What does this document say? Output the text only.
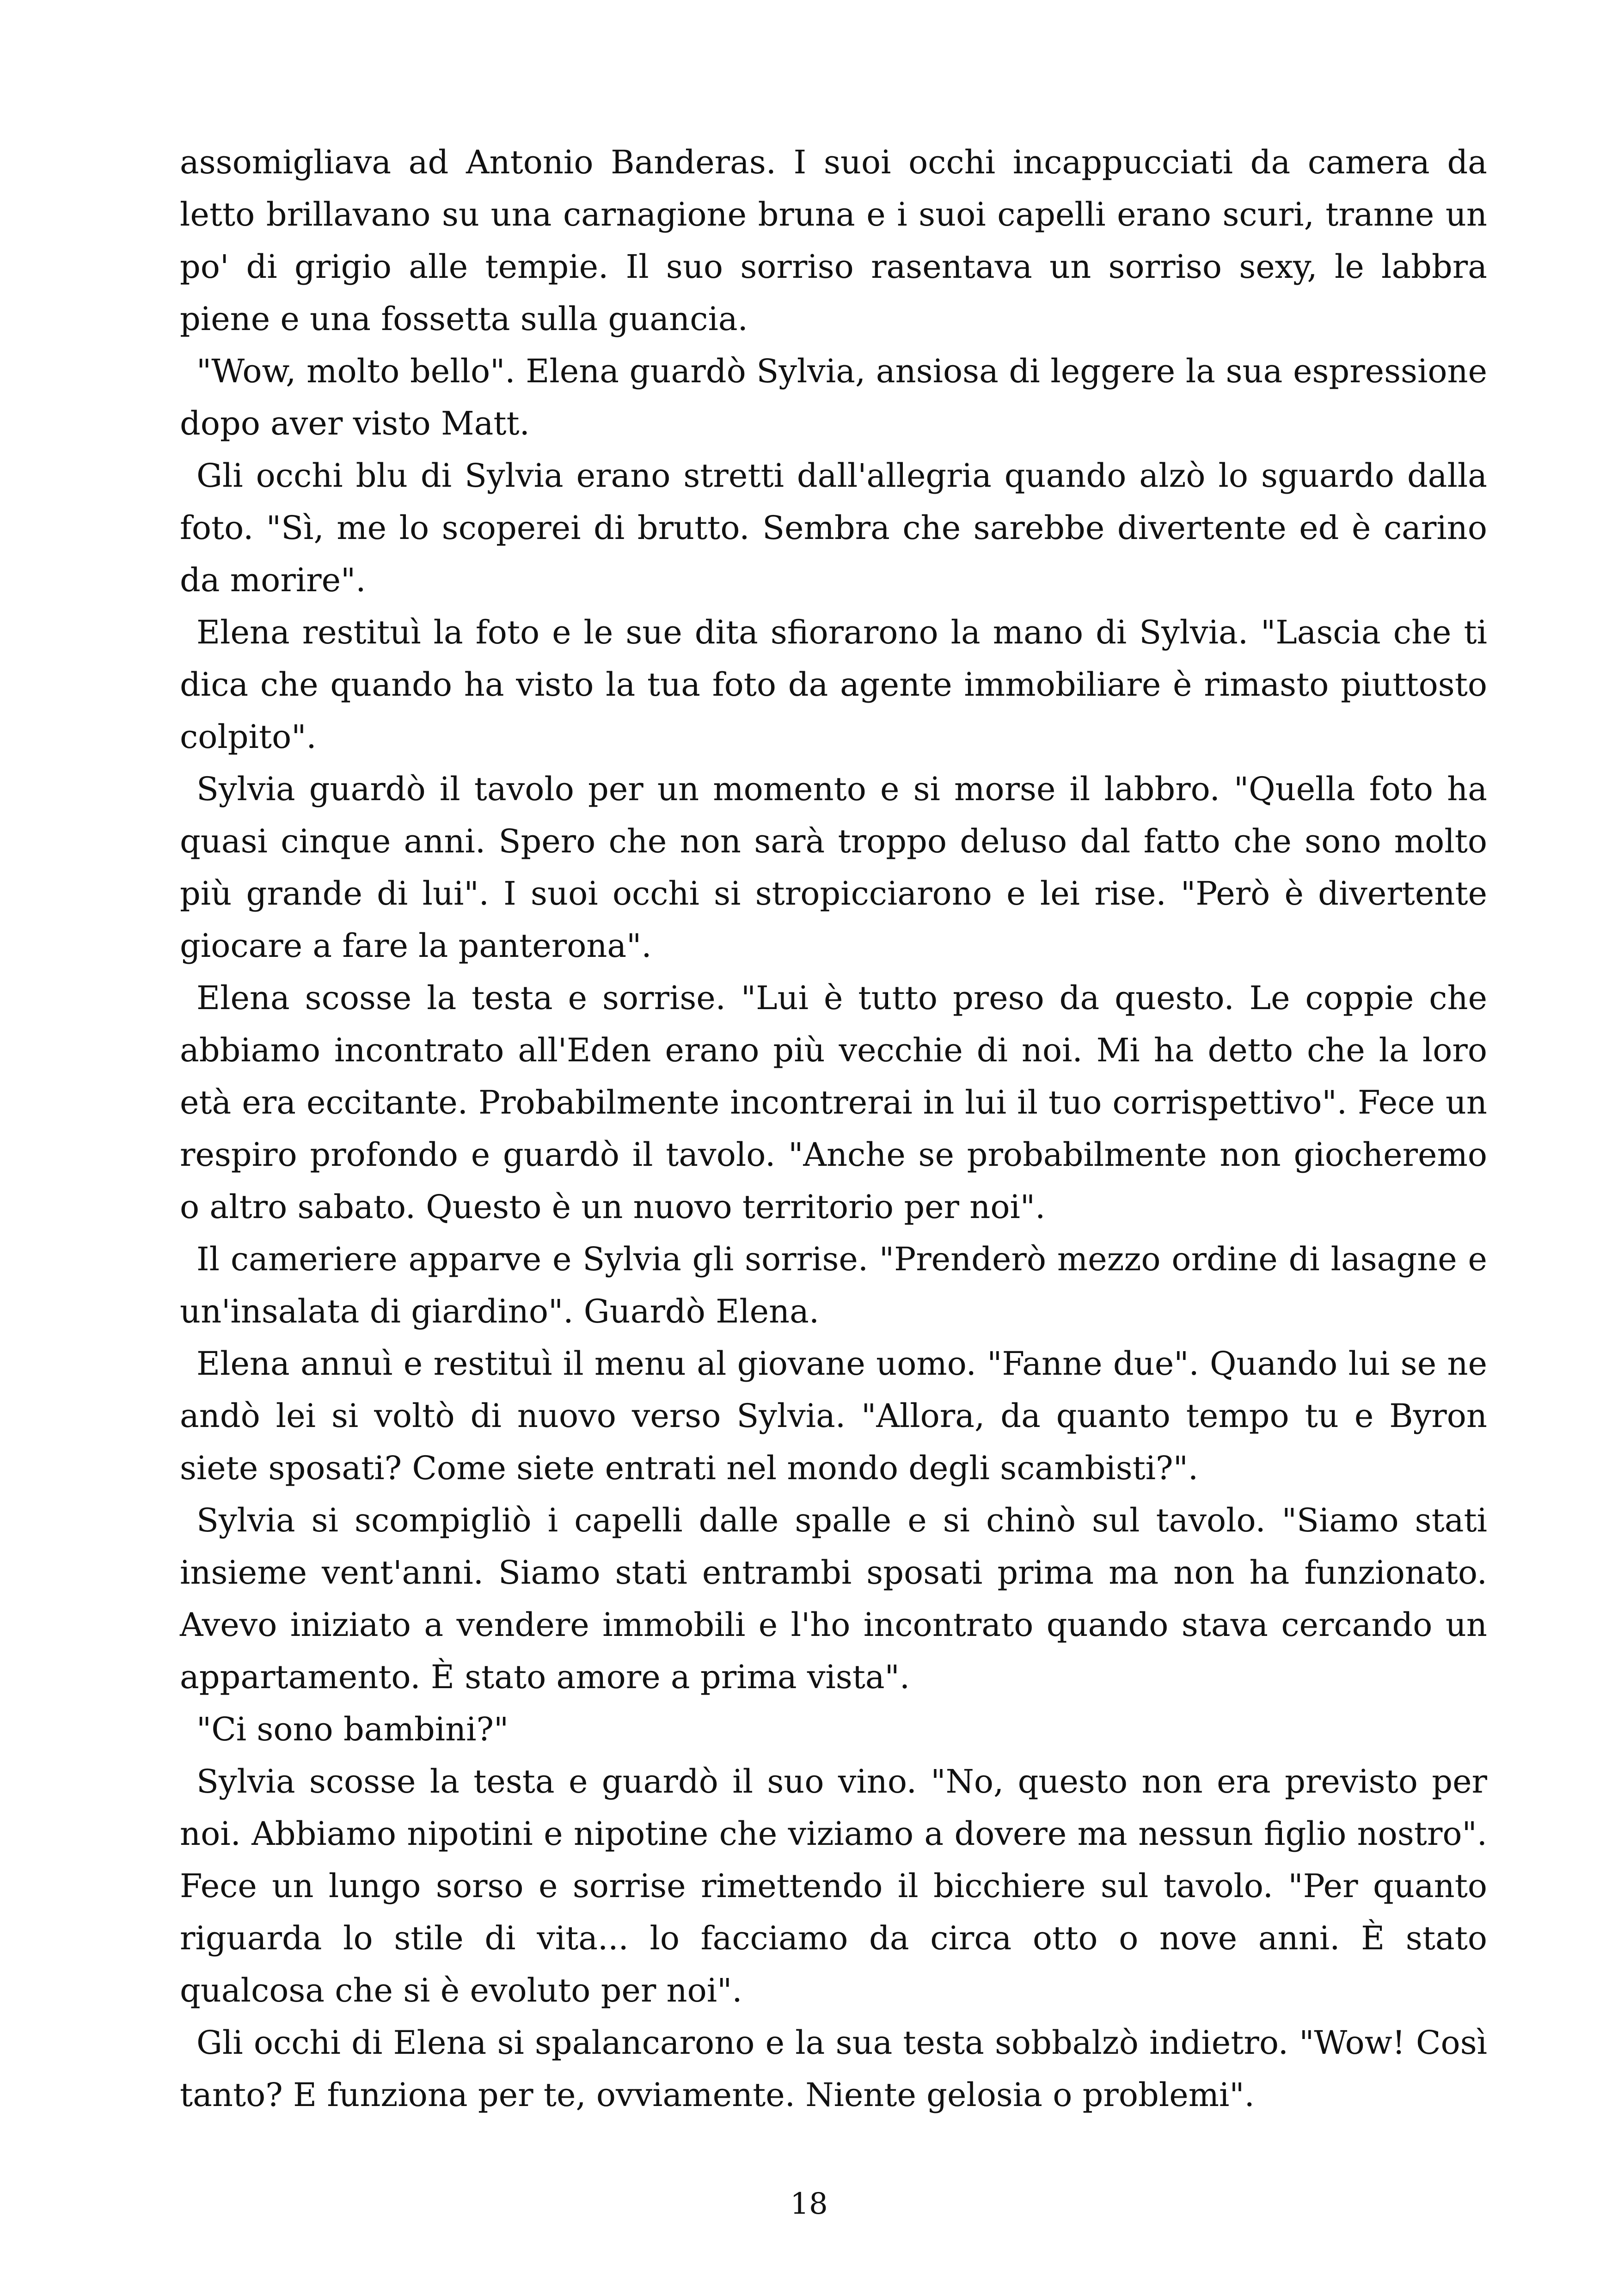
assomigliava ad Antonio Banderas. I suoi occhi incappucciati da camera da letto brillavano su una carnagione bruna e i suoi capelli erano scuri, tranne un po' di grigio alle tempie. Il suo sorriso rasentava un sorriso sexy, le labbra piene e una fossetta sulla guancia.

"Wow, molto bello". Elena guardò Sylvia, ansiosa di leggere la sua espressione dopo aver visto Matt.

Gli occhi blu di Sylvia erano stretti dall'allegria quando alzò lo sguardo dalla foto. "Sì, me lo scoperei di brutto. Sembra che sarebbe divertente ed è carino da morire".

Elena restituì la foto e le sue dita sfiorarono la mano di Sylvia. "Lascia che ti dica che quando ha visto la tua foto da agente immobiliare è rimasto piuttosto colpito".

Sylvia guardò il tavolo per un momento e si morse il labbro. "Quella foto ha quasi cinque anni. Spero che non sarà troppo deluso dal fatto che sono molto più grande di lui". I suoi occhi si stropicciarono e lei rise. "Però è divertente giocare a fare la panterona".

Elena scosse la testa e sorrise. "Lui è tutto preso da questo. Le coppie che abbiamo incontrato all'Eden erano più vecchie di noi. Mi ha detto che la loro età era eccitante. Probabilmente incontrerai in lui il tuo corrispettivo". Fece un respiro profondo e guardò il tavolo. "Anche se probabilmente non giocheremo o altro sabato. Questo è un nuovo territorio per noi".

Il cameriere apparve e Sylvia gli sorrise. "Prenderò mezzo ordine di lasagne e un'insalata di giardino". Guardò Elena.

Elena annuì e restituì il menu al giovane uomo. "Fanne due". Quando lui se ne andò lei si voltò di nuovo verso Sylvia. "Allora, da quanto tempo tu e Byron siete sposati? Come siete entrati nel mondo degli scambisti?".

Sylvia si scompigliò i capelli dalle spalle e si chinò sul tavolo. "Siamo stati insieme vent'anni. Siamo stati entrambi sposati prima ma non ha funzionato. Avevo iniziato a vendere immobili e l'ho incontrato quando stava cercando un appartamento. È stato amore a prima vista".

"Ci sono bambini?"

Sylvia scosse la testa e guardò il suo vino. "No, questo non era previsto per noi. Abbiamo nipotini e nipotine che viziamo a dovere ma nessun figlio nostro". Fece un lungo sorso e sorrise rimettendo il bicchiere sul tavolo. "Per quanto riguarda lo stile di vita... lo facciamo da circa otto o nove anni. È stato qualcosa che si è evoluto per noi".

Gli occhi di Elena si spalancarono e la sua testa sobbalzò indietro. "Wow! Così tanto? E funziona per te, ovviamente. Niente gelosia o problemi".

18
